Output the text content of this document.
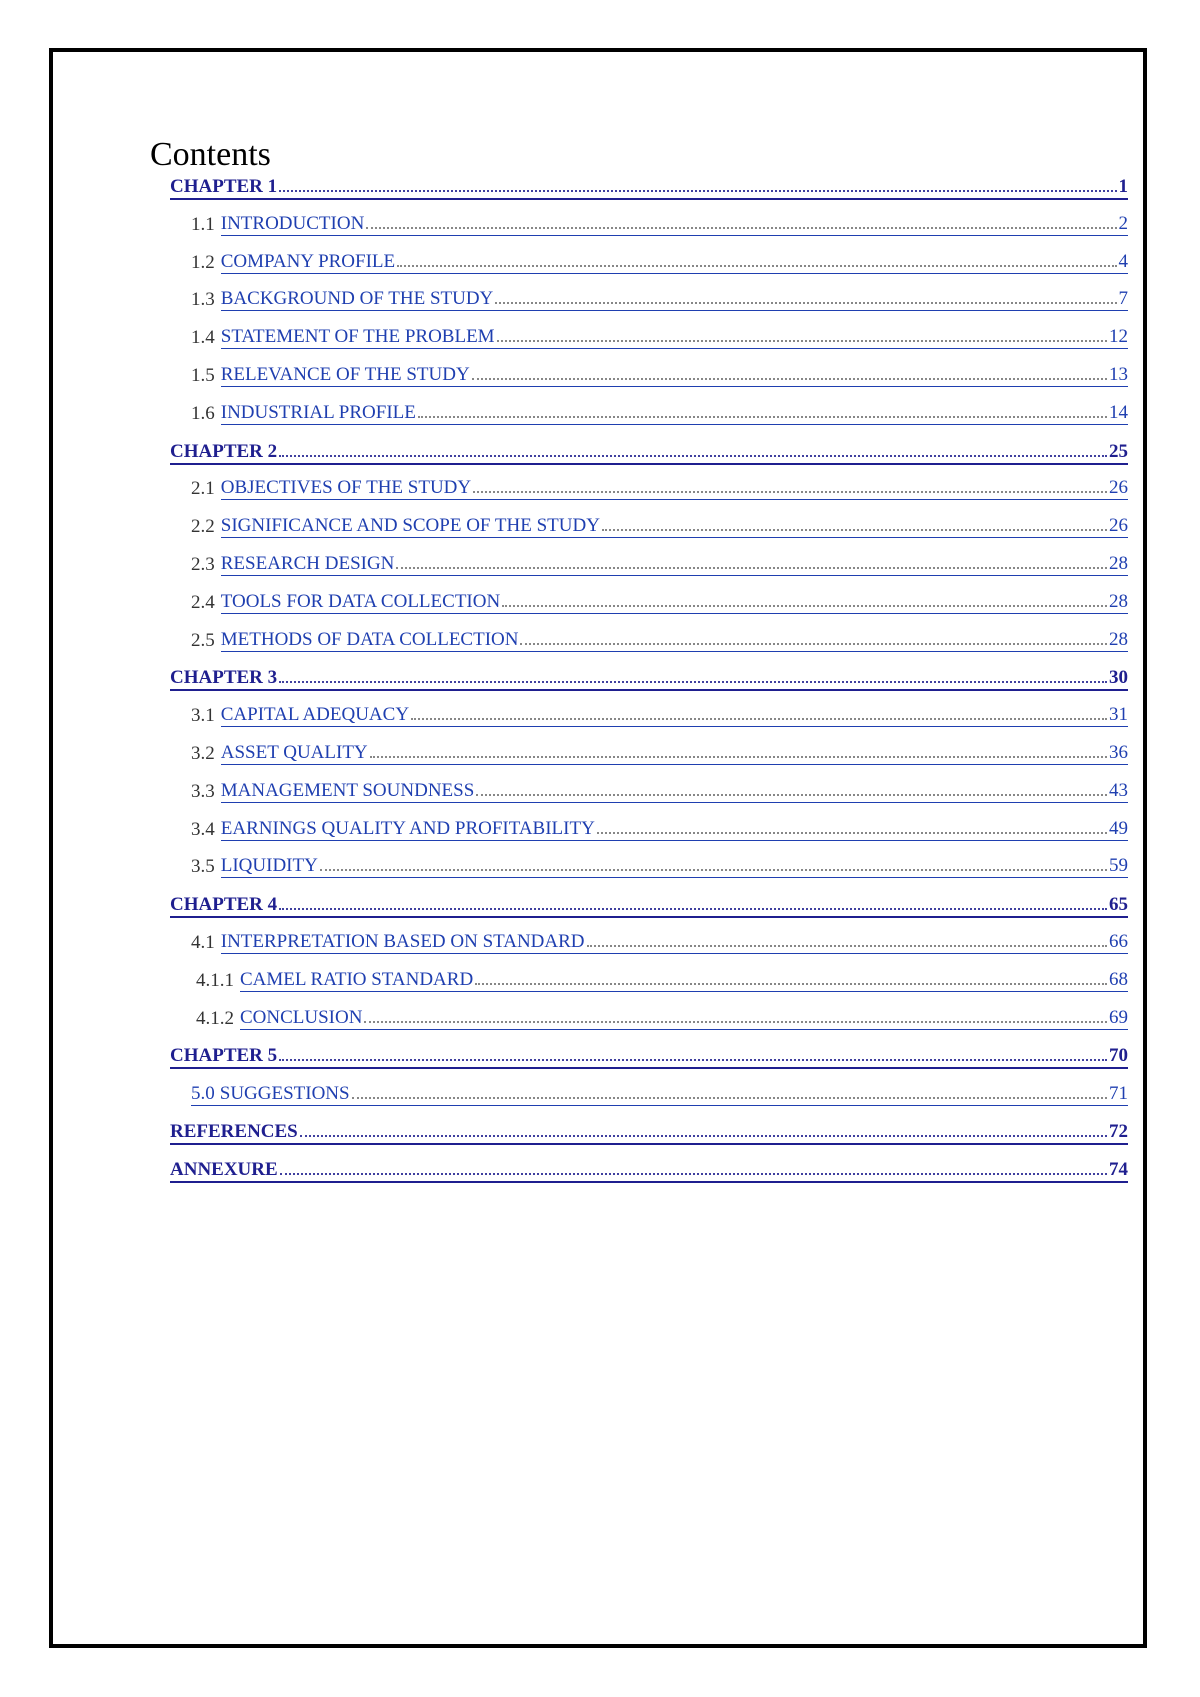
Contents
CHAPTER 1	1
1.1 INTRODUCTION	2
1.2 COMPANY PROFILE	4
1.3 BACKGROUND OF THE STUDY	7
1.4 STATEMENT OF THE PROBLEM	12
1.5 RELEVANCE OF THE STUDY	13
1.6 INDUSTRIAL PROFILE	14
CHAPTER 2	25
2.1 OBJECTIVES OF THE STUDY	26
2.2 SIGNIFICANCE AND SCOPE OF THE STUDY	26
2.3 RESEARCH DESIGN	28
2.4 TOOLS FOR DATA COLLECTION	28
2.5 METHODS OF DATA COLLECTION	28
CHAPTER 3	30
3.1 CAPITAL ADEQUACY	31
3.2 ASSET QUALITY	36
3.3 MANAGEMENT SOUNDNESS	43
3.4 EARNINGS QUALITY AND PROFITABILITY	49
3.5 LIQUIDITY	59
CHAPTER 4	65
4.1 INTERPRETATION BASED ON STANDARD	66
4.1.1 CAMEL RATIO STANDARD	68
4.1.2 CONCLUSION	69
CHAPTER 5	70
5.0 SUGGESTIONS	71
REFERENCES	72
ANNEXURE	74
